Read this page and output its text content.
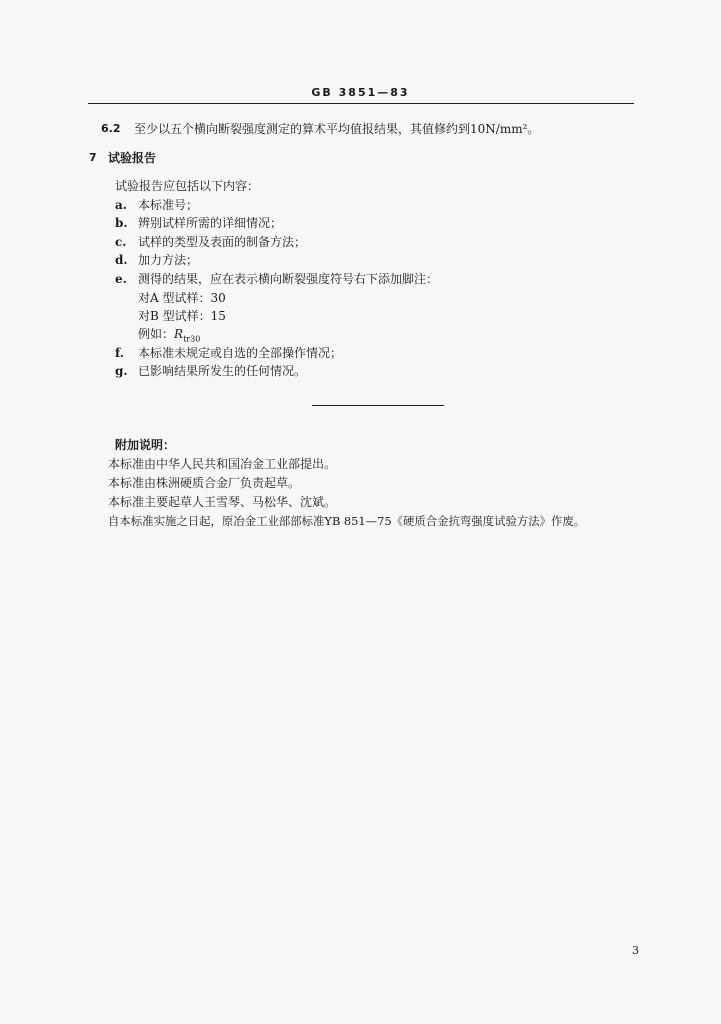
GB 3851—83
6.2 至少以五个横向断裂强度测定的算术平均值报结果，其值修约到10N/mm²。
7 试验报告
试验报告应包括以下内容：
a. 本标准号；
b. 辨别试样所需的详细情况；
c. 试样的类型及表面的制备方法；
d. 加力方法；
e. 测得的结果，应在表示横向断裂强度符号右下添加脚注：
对A 型试样：30
对B 型试样：15
例如：$R_{tr30}$
f. 本标准未规定或自选的全部操作情况；
g. 已影响结果所发生的任何情况。
附加说明：
本标准由中华人民共和国冶金工业部提出。
本标准由株洲硬质合金厂负责起草。
本标准主要起草人王雪琴、马松华、沈斌。
自本标准实施之日起，原冶金工业部部标准YB 851—75《硬质合金抗弯强度试验方法》作废。
3
